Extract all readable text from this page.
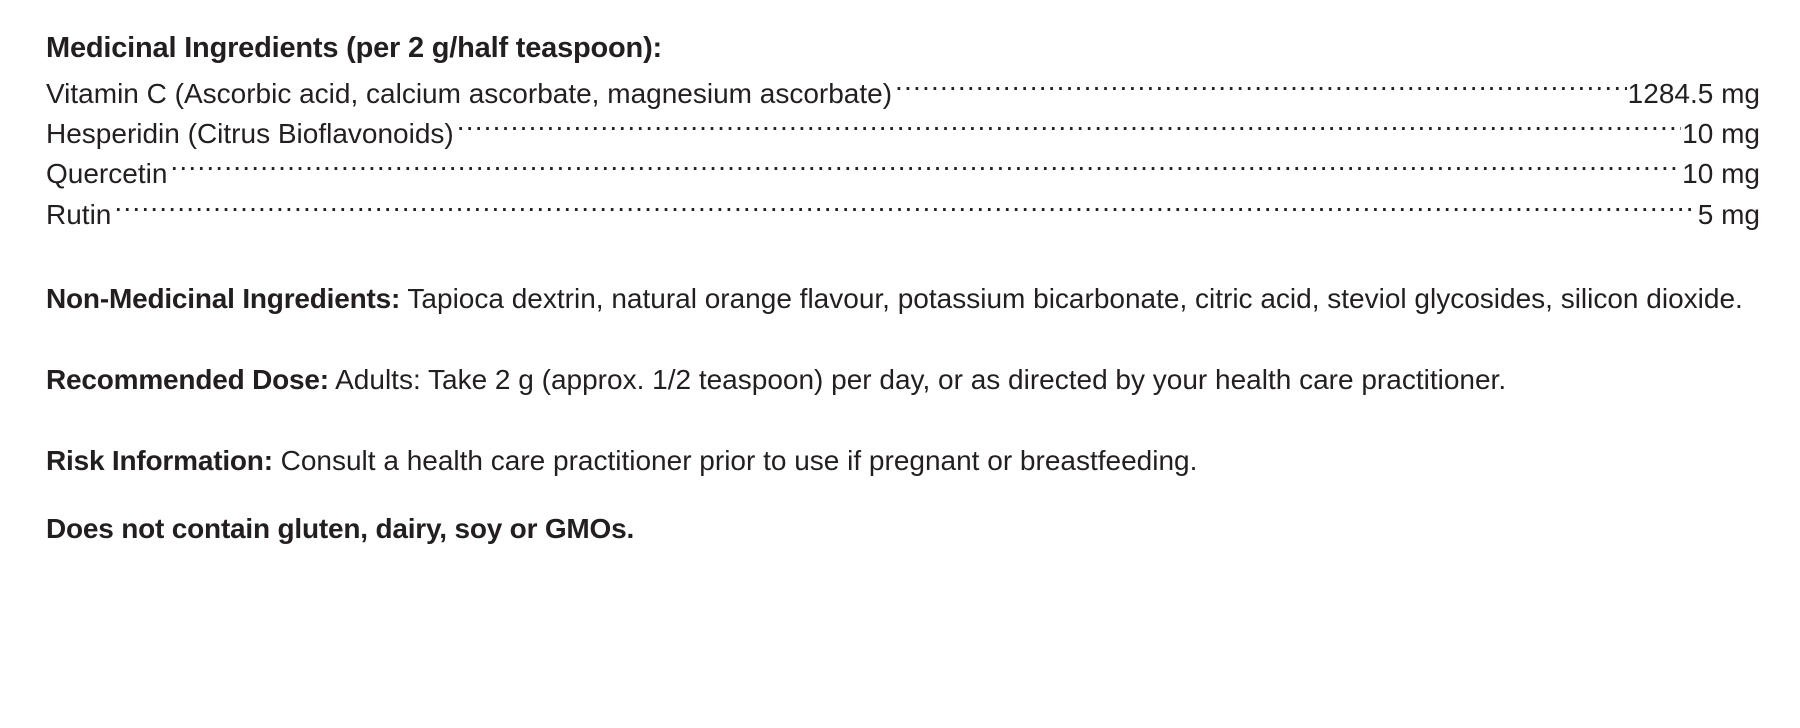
Medicinal Ingredients (per 2 g/half teaspoon):
Vitamin C (Ascorbic acid, calcium ascorbate, magnesium ascorbate) .....	1284.5 mg
Hesperidin (Citrus Bioflavonoids) .....	10 mg
Quercetin .....	10 mg
Rutin .....	5 mg

Non-Medicinal Ingredients: Tapioca dextrin, natural orange flavour, potassium bicarbonate, citric acid, steviol glycosides, silicon dioxide.

Recommended Dose: Adults: Take 2 g (approx. 1/2 teaspoon) per day, or as directed by your health care practitioner.

Risk Information: Consult a health care practitioner prior to use if pregnant or breastfeeding.

Does not contain gluten, dairy, soy or GMOs.
